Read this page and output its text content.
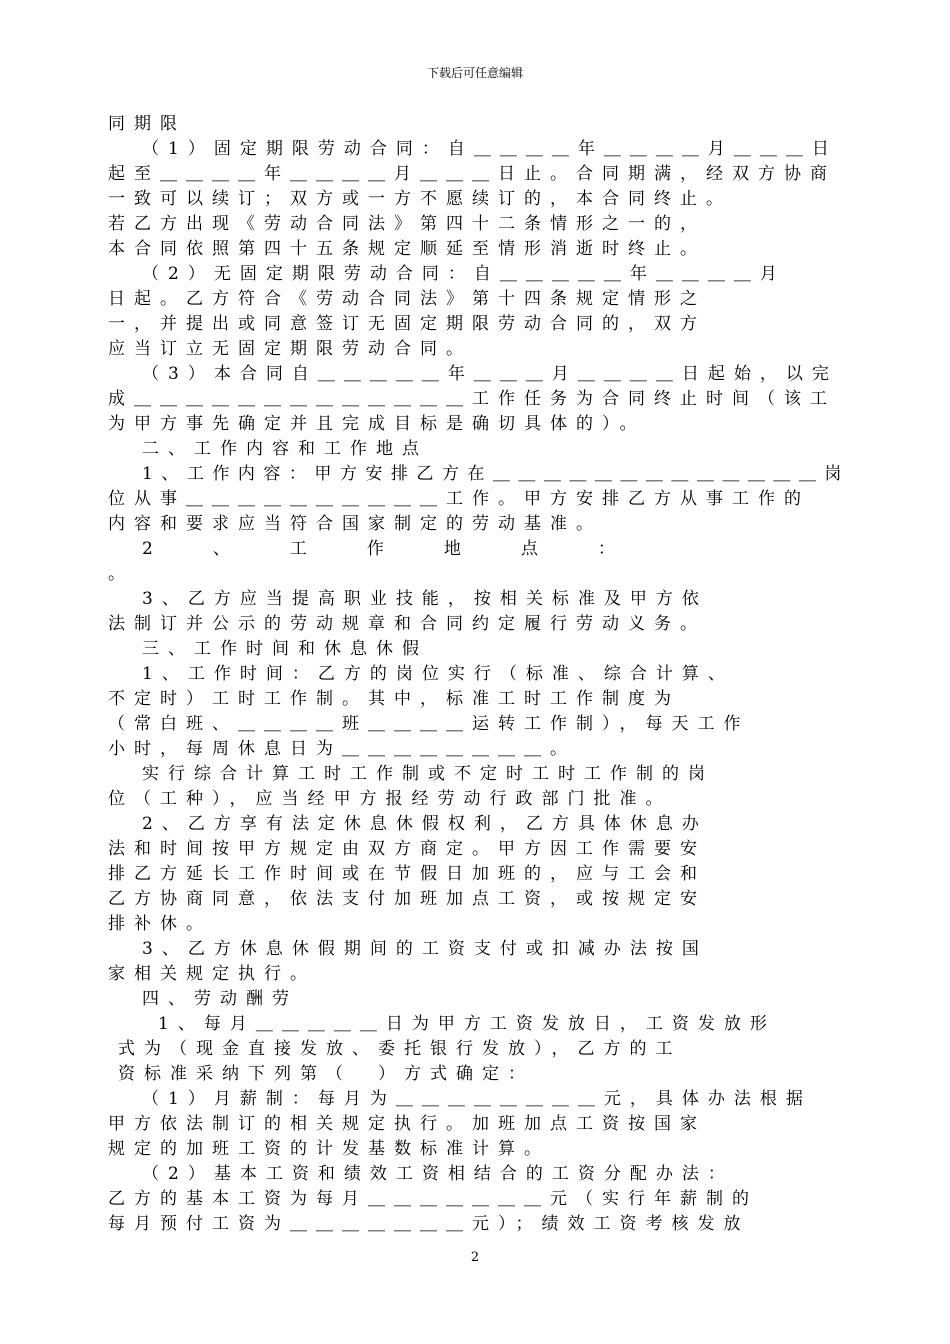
下载后可任意编辑
同期限
（1）固定期限劳动合同：自＿＿＿＿年＿＿＿＿月＿＿＿日
起至＿＿＿＿年＿＿＿＿月＿＿＿日止。合同期满，经双方协商
一致可以续订；双方或一方不愿续订的，本合同终止。
若乙方出现《劳动合同法》第四十二条情形之一的，
本合同依照第四十五条规定顺延至情形消逝时终止。
（2）无固定期限劳动合同：自＿＿＿＿＿年＿＿＿＿月
日起。乙方符合《劳动合同法》第十四条规定情形之
一，并提出或同意签订无固定期限劳动合同的，双方
应当订立无固定期限劳动合同。
（3）本合同自＿＿＿＿＿年＿＿＿月＿＿＿＿日起始，以完
成＿＿＿＿＿＿＿＿＿＿＿＿＿工作任务为合同终止时间（该工
为甲方事先确定并且完成目标是确切具体的）。
二、工作内容和工作地点
1、工作内容：甲方安排乙方在＿＿＿＿＿＿＿＿＿＿＿＿＿岗
位从事＿＿＿＿＿＿＿＿＿＿工作。甲方安排乙方从事工作的
内容和要求应当符合国家制定的劳动基准。
2、工作地点：
。
3、乙方应当提高职业技能，按相关标准及甲方依
法制订并公示的劳动规章和合同约定履行劳动义务。
三、工作时间和休息休假
1、工作时间：乙方的岗位实行（标准、综合计算、
不定时）工时工作制。其中，标准工时工作制度为
（常白班、＿＿＿＿班＿＿＿＿运转工作制），每天工作
小时，每周休息日为＿＿＿＿＿＿＿＿。
实行综合计算工时工作制或不定时工时工作制的岗
位（工种），应当经甲方报经劳动行政部门批准。
2、乙方享有法定休息休假权利，乙方具体休息办
法和时间按甲方规定由双方商定。甲方因工作需要安
排乙方延长工作时间或在节假日加班的，应与工会和
乙方协商同意，依法支付加班加点工资，或按规定安
排补休。
3、乙方休息休假期间的工资支付或扣减办法按国
家相关规定执行。
四、劳动酬劳
1、每月＿＿＿＿＿日为甲方工资发放日，工资发放形
式为（现金直接发放、委托银行发放），乙方的工
资标准采纳下列第（　）方式确定：
（1）月薪制：每月为＿＿＿＿＿＿＿＿元，具体办法根据
甲方依法制订的相关规定执行。加班加点工资按国家
规定的加班工资的计发基数标准计算。
（2）基本工资和绩效工资相结合的工资分配办法：
乙方的基本工资为每月＿＿＿＿＿＿＿元（实行年薪制的
每月预付工资为＿＿＿＿＿＿＿元）；绩效工资考核发放
2
